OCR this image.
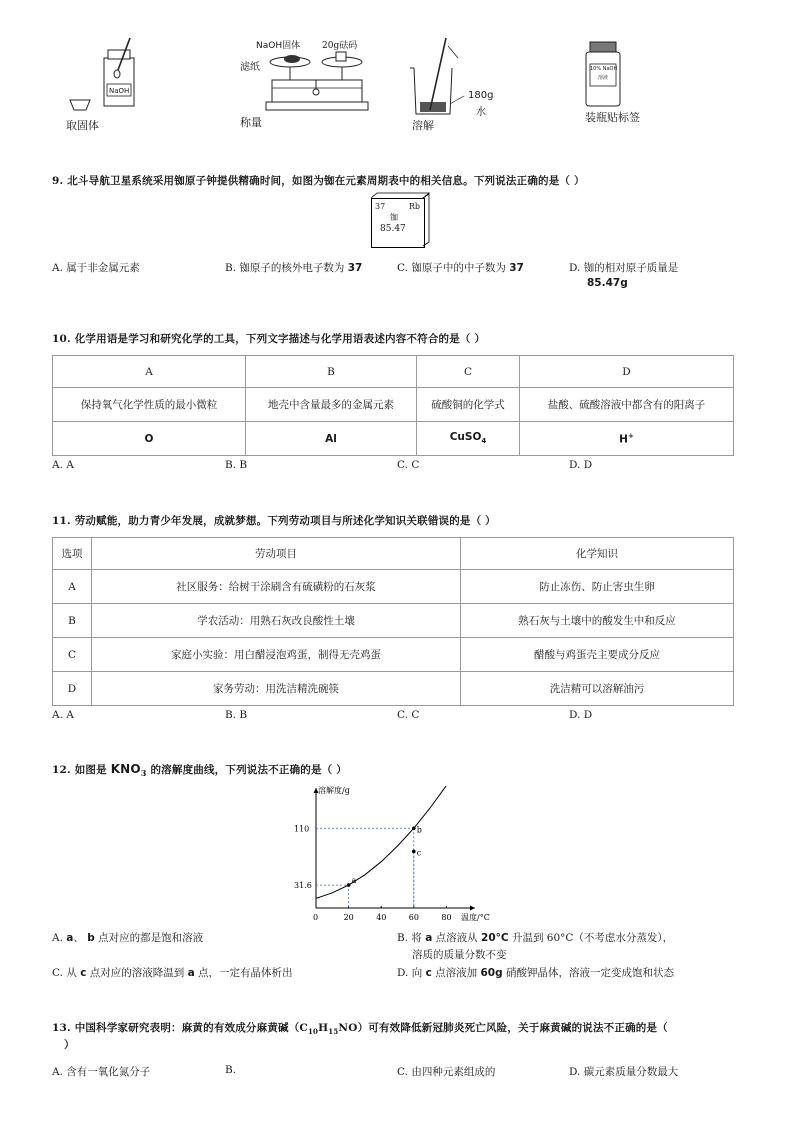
NaOH
取固体
NaOH固体 20g砝码
滤纸
称量
180g
水
溶解
10% NaOH
溶液
装瓶贴标签
9. 北斗导航卫星系统采用铷原子钟提供精确时间，如图为铷在元素周期表中的相关信息。下列说法正确的是（ ）
37	Rb
铷
85.47
A. 属于非金属元素	B. 铷原子的核外电子数为 37	C. 铷原子中的中子数为 37	D. 铷的相对原子质量是
85.47g
10. 化学用语是学习和研究化学的工具，下列文字描述与化学用语表述内容不符合的是（ ）
A	B	C	D
保持氧气化学性质的最小微粒	地壳中含量最多的金属元素	硫酸铜的化学式	盐酸、硫酸溶液中都含有的阳离子
O	Al	CuSO$_4$	H+
A. A	B. B	C. C	D. D
11. 劳动赋能，助力青少年发展，成就梦想。下列劳动项目与所述化学知识关联错误的是（ ）
选项	劳动项目	化学知识
A	社区服务：给树干涂刷含有硫磺粉的石灰浆	防止冻伤、防止害虫生卵
B	学农活动：用熟石灰改良酸性土壤	熟石灰与土壤中的酸发生中和反应
C	家庭小实验：用白醋浸泡鸡蛋，制得无壳鸡蛋	醋酸与鸡蛋壳主要成分反应
D	家务劳动：用洗洁精洗碗筷	洗洁精可以溶解油污
A. A	B. B	C. C	D. D
12. 如图是 $KNO_3$ 的溶解度曲线，下列说法不正确的是（ ）
溶解度/g
温度/°C
0	20	40	60	80
31.6
110
a
b
c
A. a、 b 点对应的都是饱和溶液	B. 将 a 点溶液从 20°C 升温到 60°C（不考虑水分蒸发），
溶质的质量分数不变
C. 从 c 点对应的溶液降温到 a 点，一定有晶体析出	D. 向 c 点溶液加 60g 硝酸钾晶体，溶液一定变成饱和状态
13. 中国科学家研究表明：麻黄的有效成分麻黄碱$(C_{10}H_{15}NO)$可有效降低新冠肺炎死亡风险，关于麻黄碱的说法不正确的是（
）
A. 含有一氧化氮分子	B.	C. 由四种元素组成的	D. 碳元素质量分数最大
